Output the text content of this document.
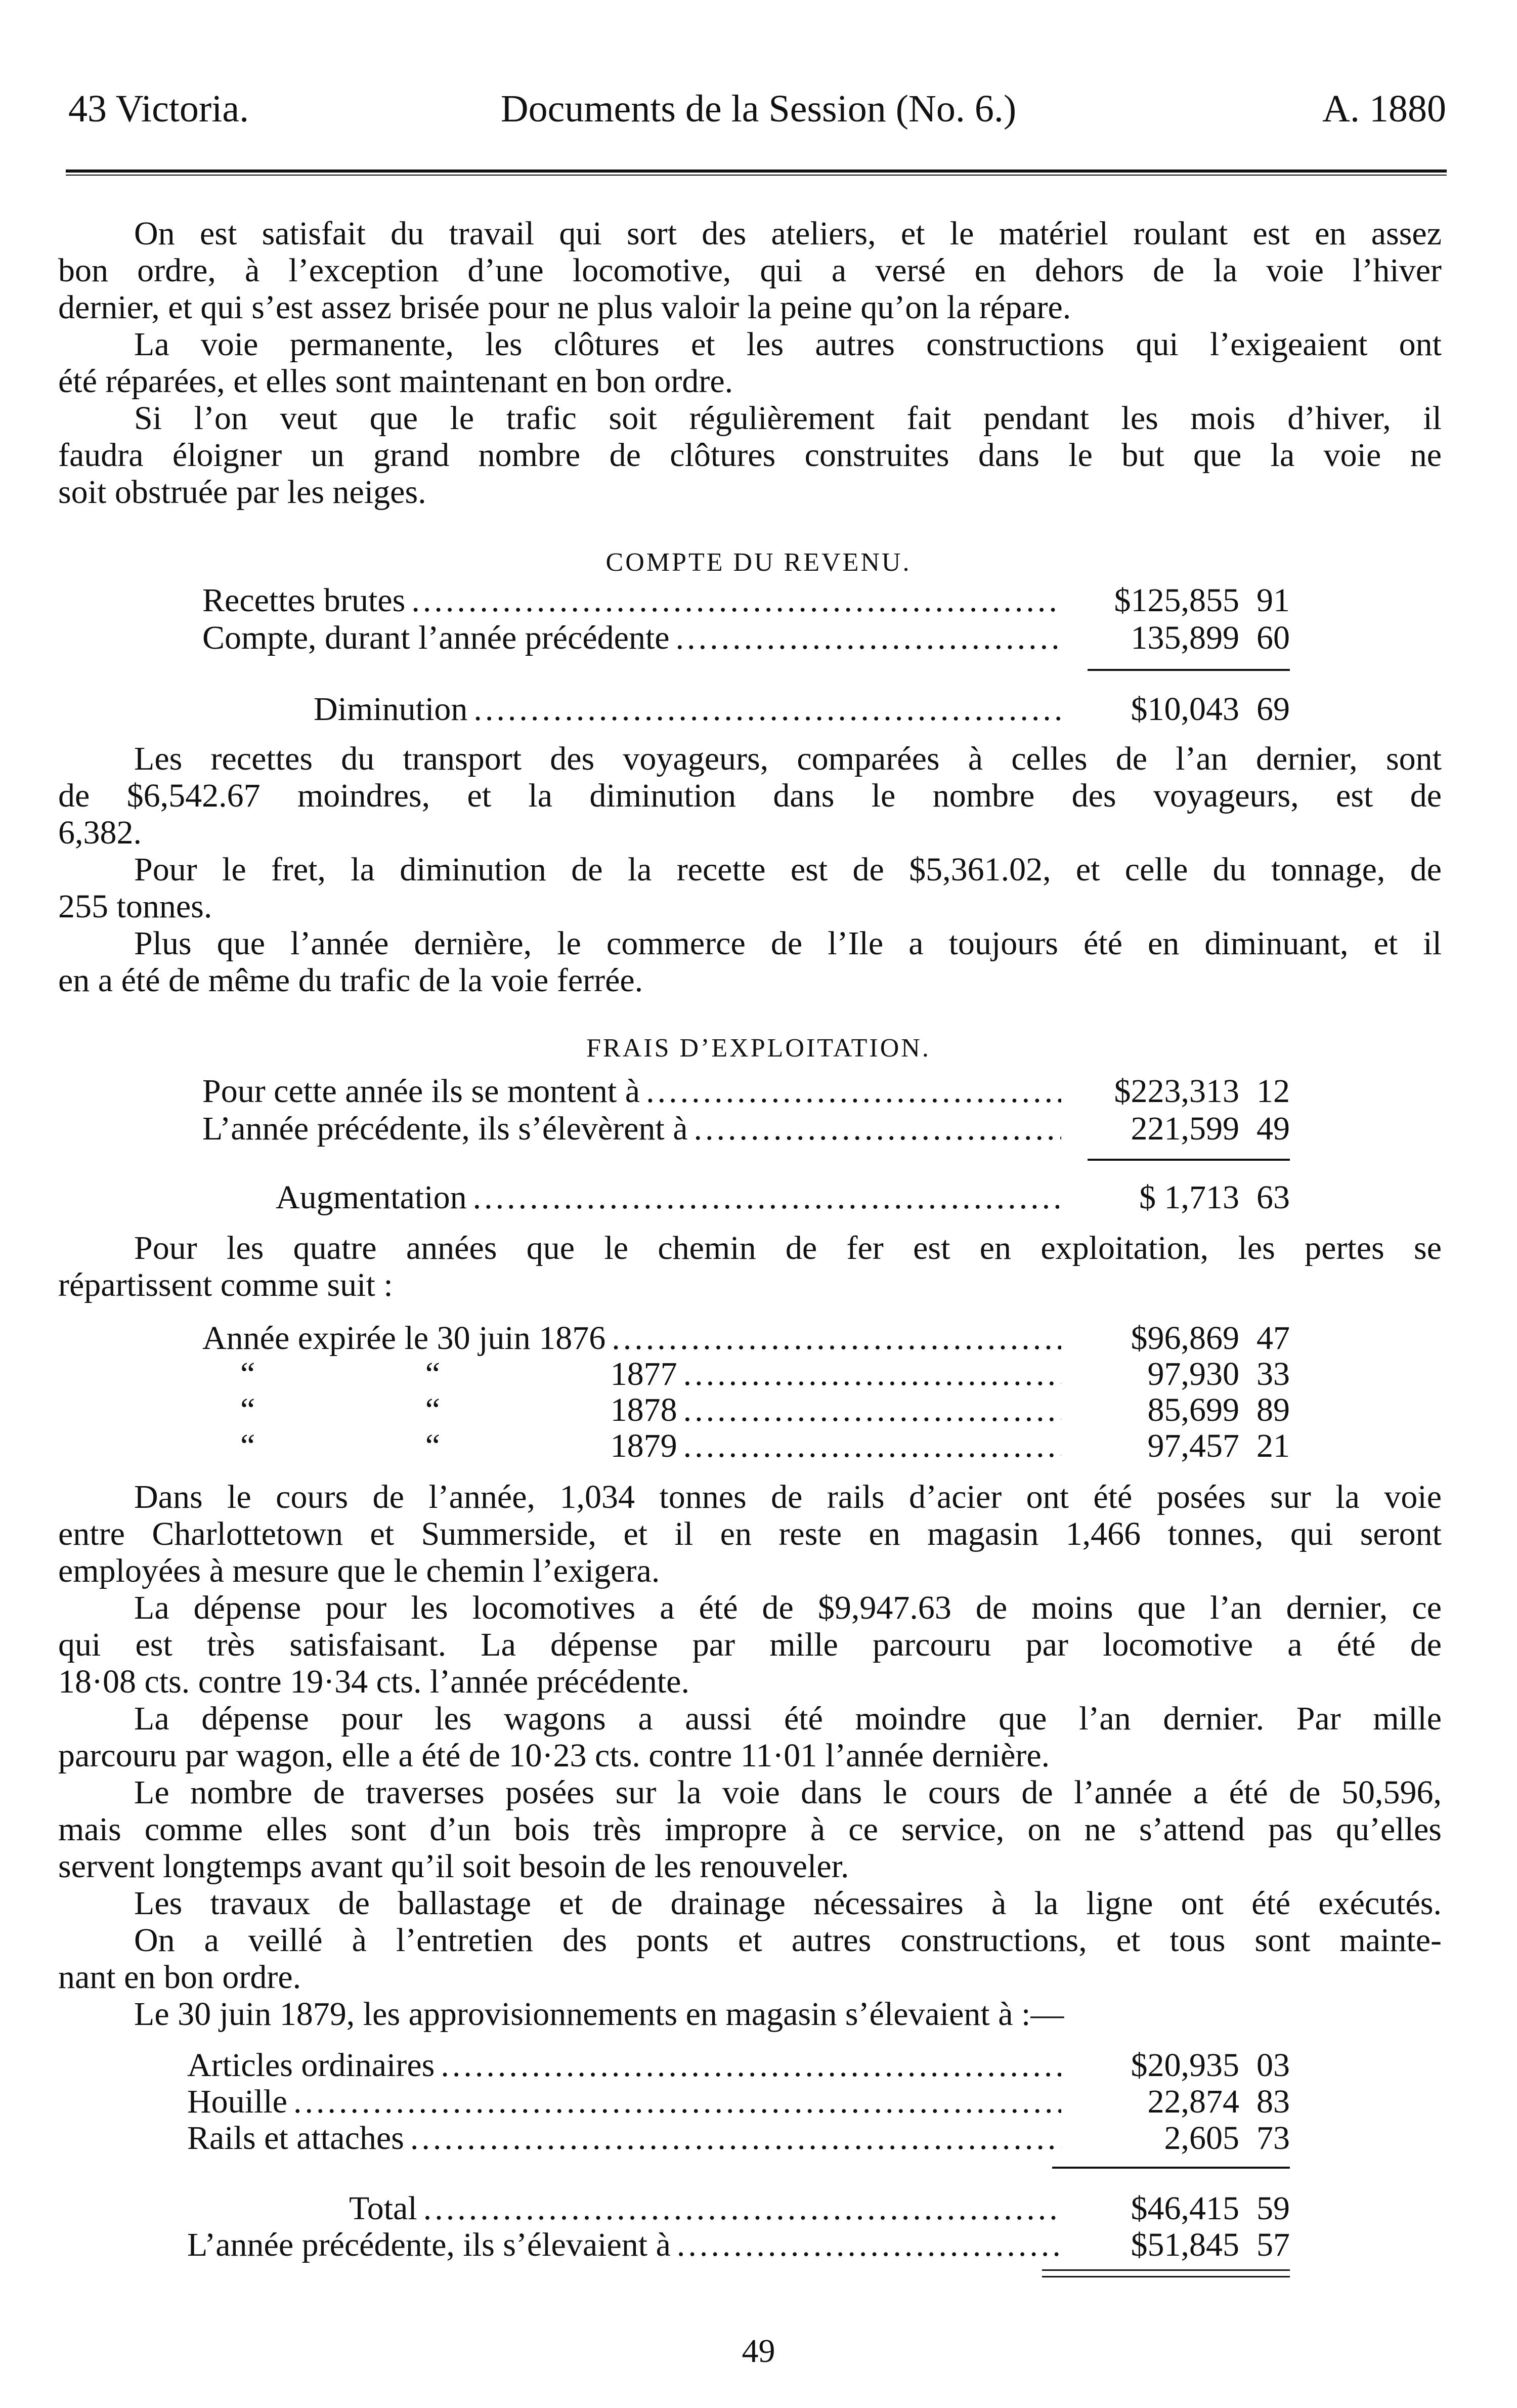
43 Victoria.	Documents de la Session (No. 6.)	A. 1880
On est satisfait du travail qui sort des ateliers, et le matériel roulant est en assez
bon ordre, à l’exception d’une locomotive, qui a versé en dehors de la voie l’hiver
dernier, et qui s’est assez brisée pour ne plus valoir la peine qu’on la répare.
La voie permanente, les clôtures et les autres constructions qui l’exigeaient ont
été réparées, et elles sont maintenant en bon ordre.
Si l’on veut que le trafic soit régulièrement fait pendant les mois d’hiver, il
faudra éloigner un grand nombre de clôtures construites dans le but que la voie ne
soit obstruée par les neiges.
COMPTE DU REVENU.
Recettes brutes .....	$125,855 91
Compte, durant l’année précédente .....	135,899 60
Diminution .....	$10,043 69
Les recettes du transport des voyageurs, comparées à celles de l’an dernier, sont
de $6,542.67 moindres, et la diminution dans le nombre des voyageurs, est de
6,382.
Pour le fret, la diminution de la recette est de $5,361.02, et celle du tonnage, de
255 tonnes.
Plus que l’année dernière, le commerce de l’Ile a toujours été en diminuant, et il
en a été de même du trafic de la voie ferrée.
FRAIS D’EXPLOITATION.
Pour cette année ils se montent à .....	$223,313 12
L’année précédente, ils s’élevèrent à .....	221,599 49
Augmentation .....	$ 1,713 63
Pour les quatre années que le chemin de fer est en exploitation, les pertes se
répartissent comme suit :
Année expirée le 30 juin 1876 .....	$96,869 47
“ “ 1877 .....	97,930 33
“ “ 1878 .....	85,699 89
“ “ 1879 .....	97,457 21
Dans le cours de l’année, 1,034 tonnes de rails d’acier ont été posées sur la voie
entre Charlottetown et Summerside, et il en reste en magasin 1,466 tonnes, qui seront
employées à mesure que le chemin l’exigera.
La dépense pour les locomotives a été de $9,947.63 de moins que l’an dernier, ce
qui est très satisfaisant. La dépense par mille parcouru par locomotive a été de
18·08 cts. contre 19·34 cts. l’année précédente.
La dépense pour les wagons a aussi été moindre que l’an dernier. Par mille
parcouru par wagon, elle a été de 10·23 cts. contre 11·01 l’année dernière.
Le nombre de traverses posées sur la voie dans le cours de l’année a été de 50,596,
mais comme elles sont d’un bois très impropre à ce service, on ne s’attend pas qu’elles
servent longtemps avant qu’il soit besoin de les renouveler.
Les travaux de ballastage et de drainage nécessaires à la ligne ont été exécutés.
On a veillé à l’entretien des ponts et autres constructions, et tous sont mainte-
nant en bon ordre.
Le 30 juin 1879, les approvisionnements en magasin s’élevaient à :—
Articles ordinaires .....	$20,935 03
Houille .....	22,874 83
Rails et attaches .....	2,605 73
Total .....	$46,415 59
L’année précédente, ils s’élevaient à .....	$51,845 57
49
